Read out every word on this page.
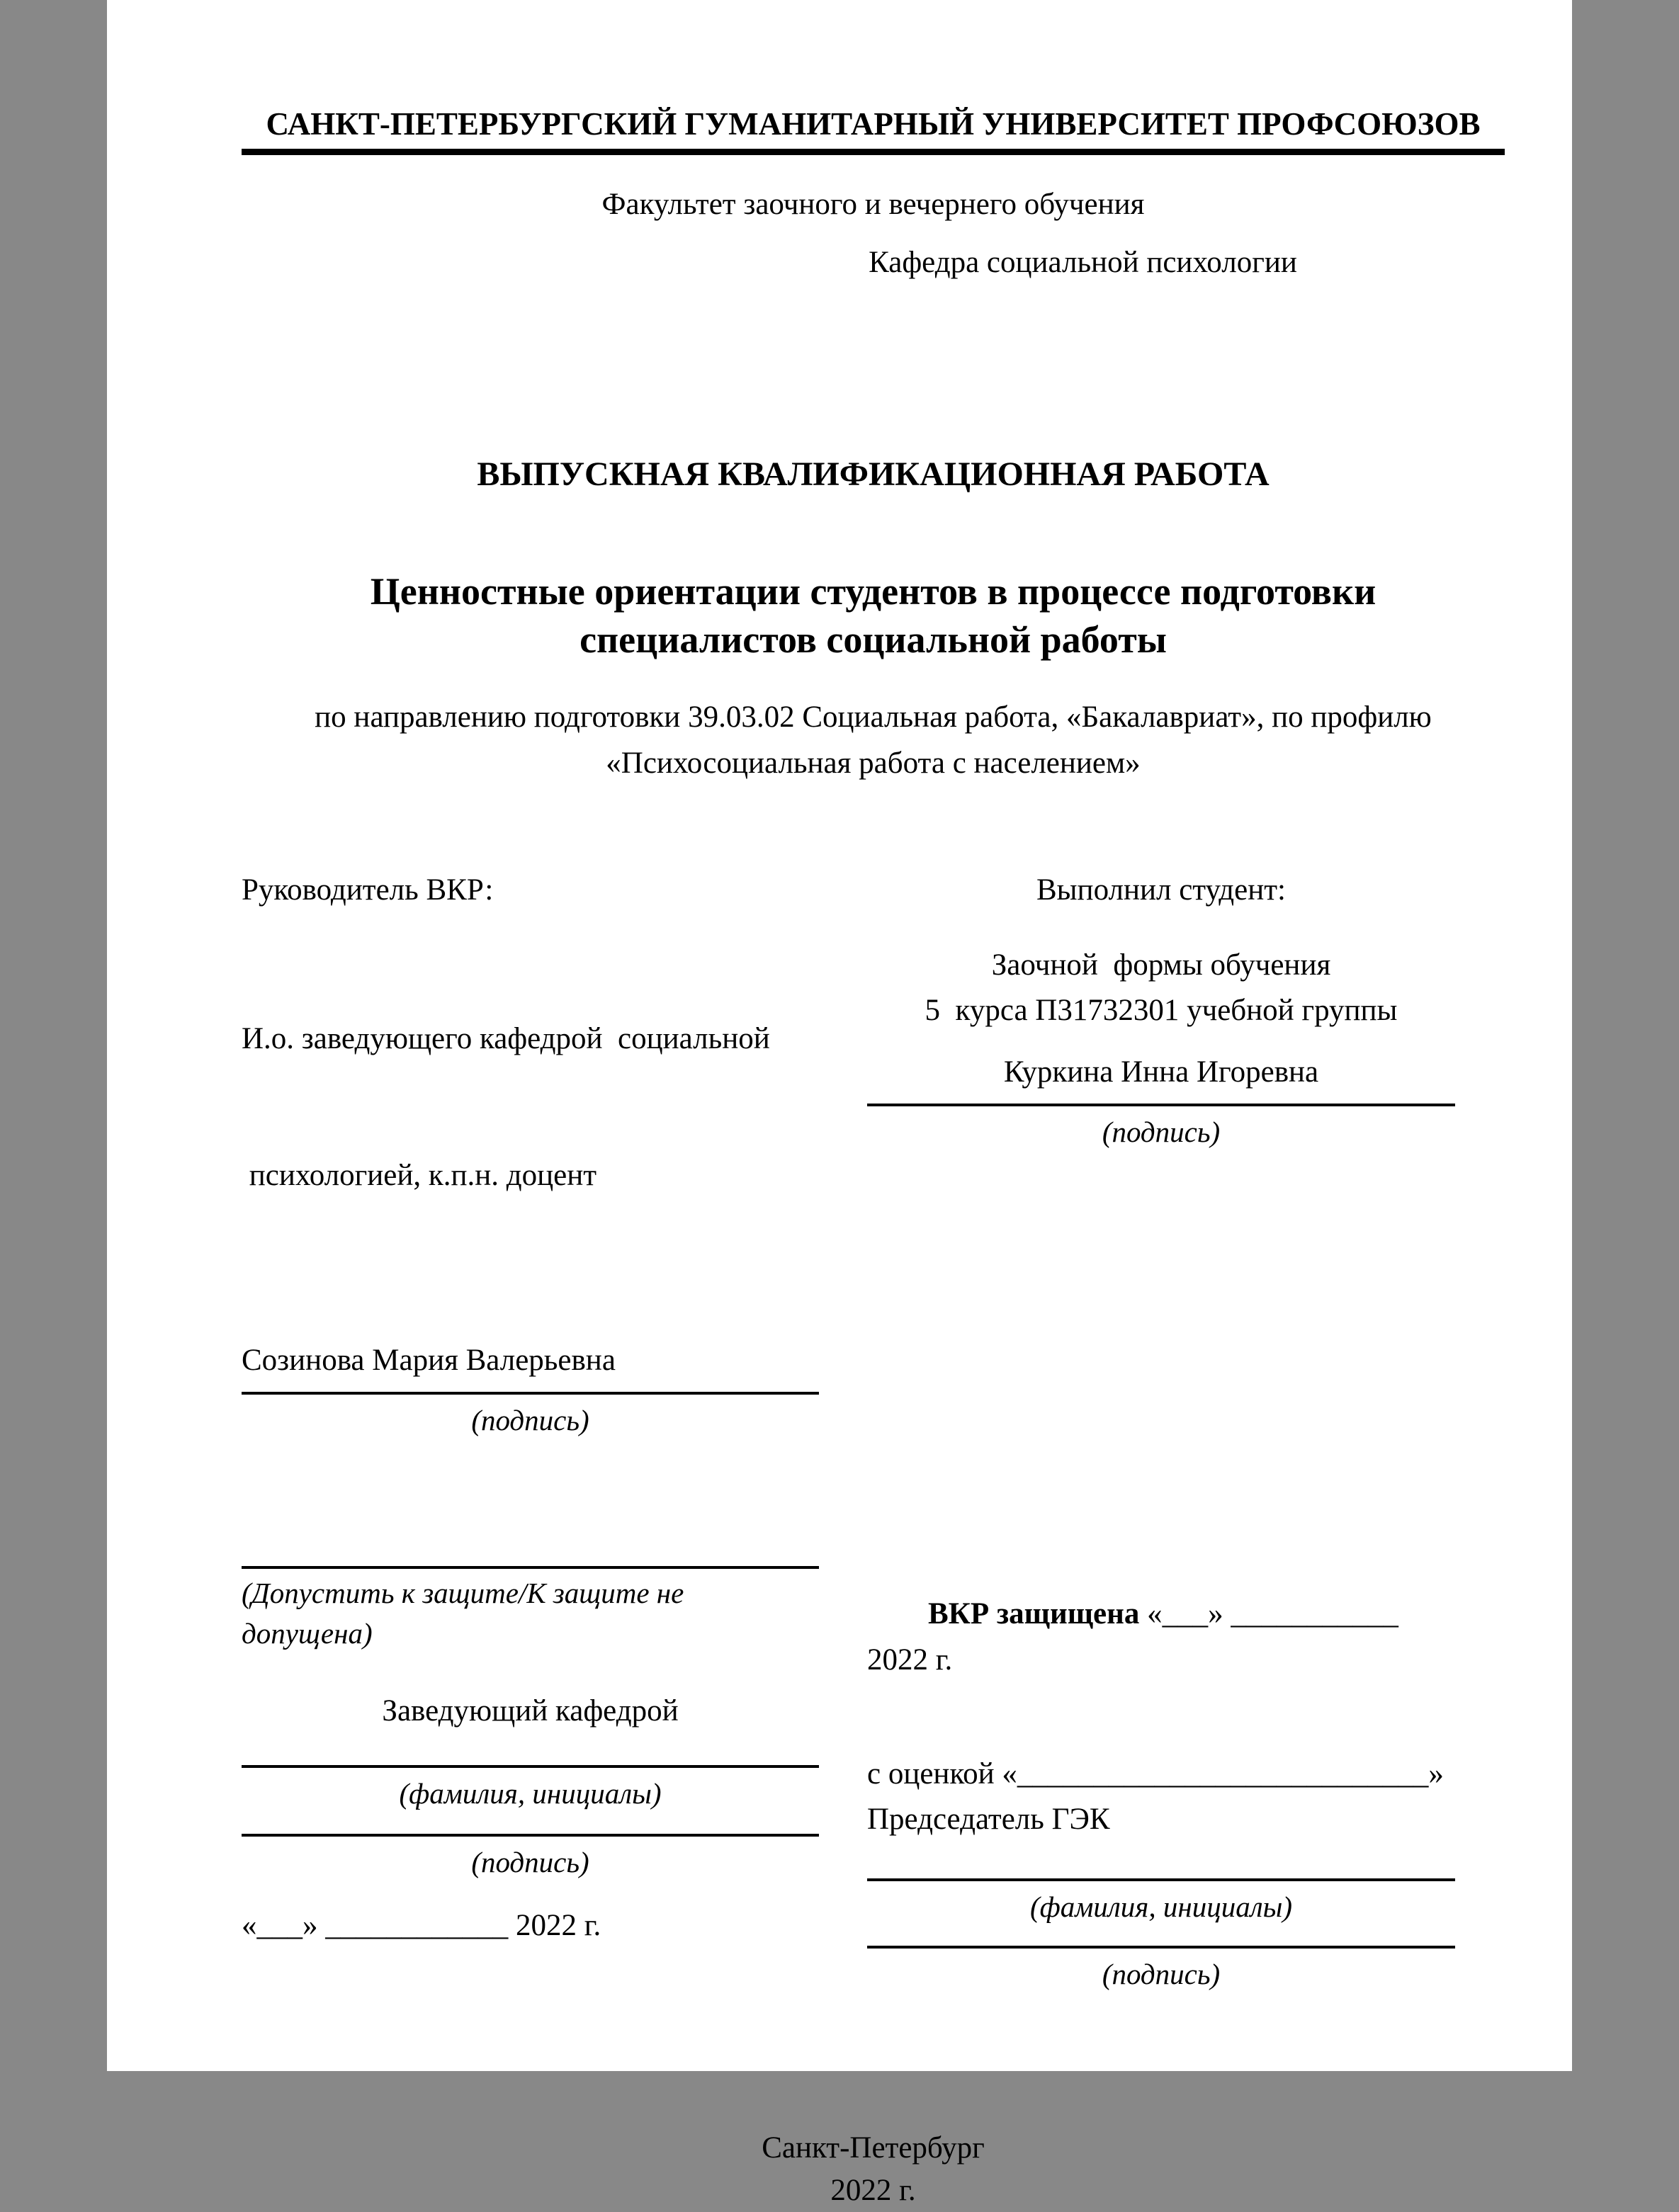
САНКТ-ПЕТЕРБУРГСКИЙ ГУМАНИТАРНЫЙ УНИВЕРСИТЕТ ПРОФСОЮЗОВ
Факультет заочного и вечернего обучения
Кафедра социальной психологии
ВЫПУСКНАЯ КВАЛИФИКАЦИОННАЯ РАБОТА
Ценностные ориентации студентов в процессе подготовки
специалистов социальной работы
по направлению подготовки 39.03.02 Социальная работа, «Бакалавриат», по профилю
«Психосоциальная работа с населением»
Руководитель ВКР:

И.о. заведующего кафедрой  социальной

психологией, к.п.н. доцент

Созинова Мария Валерьевна
(подпись)
Выполнил студент:
Заочной  формы обучения
5  курса П31732301 учебной группы
Куркина Инна Игоревна
(подпись)
(Допустить к защите/К защите не допущена)
Заведующий кафедрой
(фамилия, инициалы)
(подпись)
«___» ____________ 2022 г.

ВКР защищена «___» ___________ 2022 г.

с оценкой «___________________________»
Председатель ГЭК
(фамилия, инициалы)
(подпись)
Санкт-Петербург
2022 г.
